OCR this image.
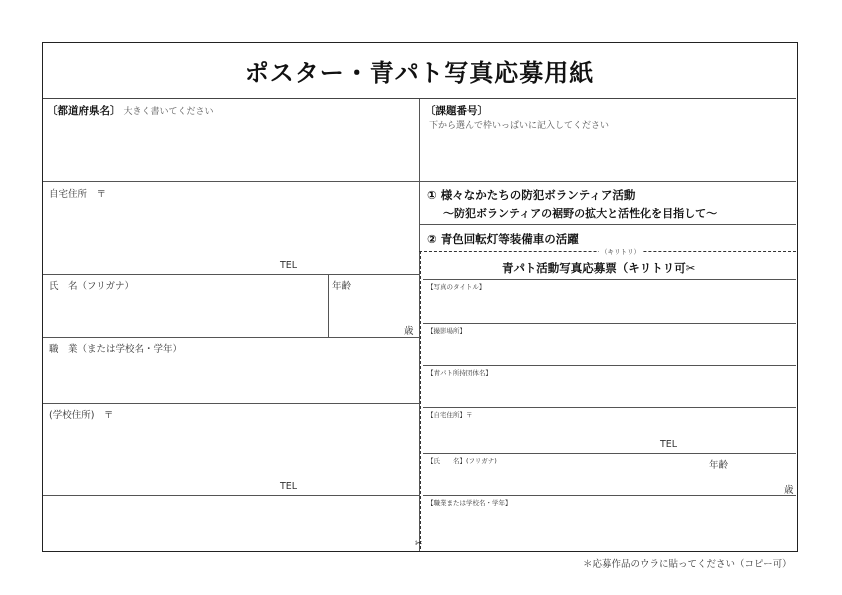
ポスター・青パト写真応募用紙
〔都道府県名〕 大きく書いてください
自宅住所　〒
TEL
氏　名（フリガナ）	年齢
歳
職　業（または学校名・学年）
(学校住所)　〒
TEL
〔課題番号〕
下から選んで枠いっぱいに記入してください
① 様々なかたちの防犯ボランティア活動
〜防犯ボランティアの裾野の拡大と活性化を目指して〜
② 青色回転灯等装備車の活躍
（キリトリ）
✂
青パト活動写真応募票（キリトリ可✂
【写真のタイトル】
【撮影場所】
【青パト所持団体名】
【自宅住所】〒
TEL
【氏　　名】(フリガナ)	年齢
歳
【職業または学校名・学年】
＊応募作品のウラに貼ってください（コピー可）
